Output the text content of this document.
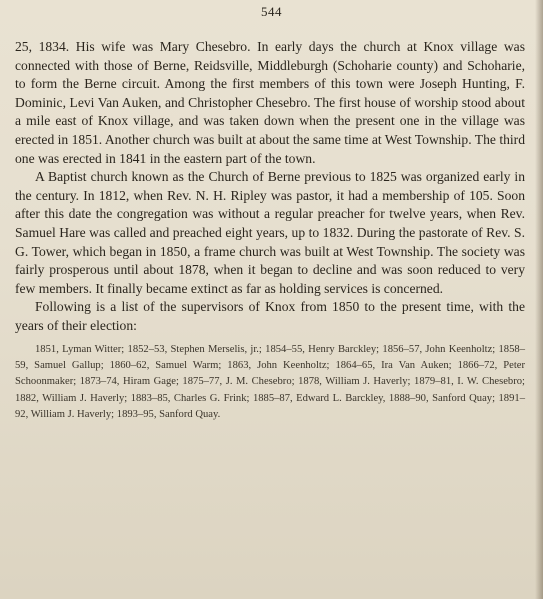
544

25, 1834. His wife was Mary Chesebro. In early days the church at Knox village was connected with those of Berne, Reidsville, Middleburgh (Schoharie county) and Schoharie, to form the Berne circuit. Among the first members of this town were Joseph Hunting, F. Dominic, Levi Van Auken, and Christopher Chesebro. The first house of worship stood about a mile east of Knox village, and was taken down when the present one in the village was erected in 1851. Another church was built at about the same time at West Township. The third one was erected in 1841 in the eastern part of the town.

A Baptist church known as the Church of Berne previous to 1825 was organized early in the century. In 1812, when Rev. N. H. Ripley was pastor, it had a membership of 105. Soon after this date the congregation was without a regular preacher for twelve years, when Rev. Samuel Hare was called and preached eight years, up to 1832. During the pastorate of Rev. S. G. Tower, which began in 1850, a frame church was built at West Township. The society was fairly prosperous until about 1878, when it began to decline and was soon reduced to very few members. It finally became extinct as far as holding services is concerned.

Following is a list of the supervisors of Knox from 1850 to the present time, with the years of their election:

1851, Lyman Witter; 1852–53, Stephen Merselis, jr.; 1854–55, Henry Barckley; 1856–57, John Keenholtz; 1858–59, Samuel Gallup; 1860–62, Samuel Warm; 1863, John Keenholtz; 1864–65, Ira Van Auken; 1866–72, Peter Schoonmaker; 1873–74, Hiram Gage; 1875–77, J. M. Chesebro; 1878, William J. Haverly; 1879–81, I. W. Chesebro; 1882, William J. Haverly; 1883–85, Charles G. Frink; 1885–87, Edward L. Barckley, 1888–90, Sanford Quay; 1891–92, William J. Haverly; 1893–95, Sanford Quay.
